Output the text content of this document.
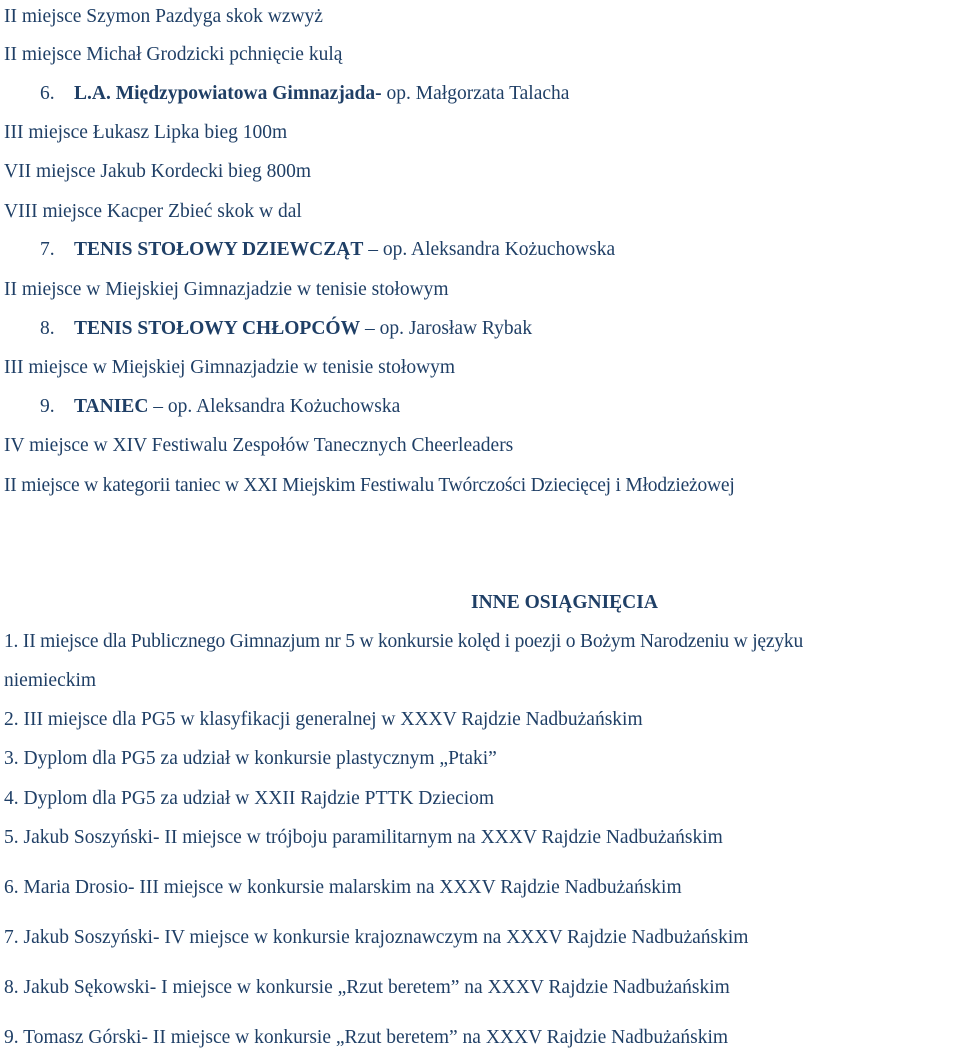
II miejsce Szymon Pazdyga skok wzwyż
II miejsce Michał Grodzicki pchnięcie kulą
6. L.A. Międzypowiatowa Gimnazjada- op. Małgorzata Talacha
III miejsce Łukasz Lipka bieg 100m
VII miejsce Jakub Kordecki bieg 800m
VIII miejsce Kacper Zbieć skok w dal
7. TENIS STOŁOWY DZIEWCZĄT – op. Aleksandra Kożuchowska
II miejsce w Miejskiej Gimnazjadzie w tenisie stołowym
8. TENIS STOŁOWY CHŁOPCÓW – op. Jarosław Rybak
III miejsce w Miejskiej Gimnazjadzie w tenisie stołowym
9. TANIEC – op. Aleksandra Kożuchowska
IV miejsce w XIV Festiwalu Zespołów Tanecznych Cheerleaders
II miejsce w kategorii taniec w XXI Miejskim Festiwalu Twórczości Dziecięcej i Młodzieżowej
INNE OSIĄGNIĘCIA
1. II miejsce dla Publicznego Gimnazjum nr 5 w konkursie kolęd i poezji o Bożym Narodzeniu w języku
niemieckim
2. III miejsce dla PG5 w klasyfikacji generalnej w XXXV Rajdzie Nadbużańskim
3. Dyplom dla PG5 za udział w konkursie plastycznym „Ptaki”
4. Dyplom dla PG5 za udział w XXII Rajdzie PTTK Dzieciom
5. Jakub Soszyński- II miejsce w trójboju paramilitarnym na XXXV Rajdzie Nadbużańskim
6. Maria Drosio- III miejsce w konkursie malarskim na XXXV Rajdzie Nadbużańskim
7. Jakub Soszyński- IV miejsce w konkursie krajoznawczym na XXXV Rajdzie Nadbużańskim
8. Jakub Sękowski- I miejsce w konkursie „Rzut beretem” na XXXV Rajdzie Nadbużańskim
9. Tomasz Górski- II miejsce w konkursie „Rzut beretem” na XXXV Rajdzie Nadbużańskim
